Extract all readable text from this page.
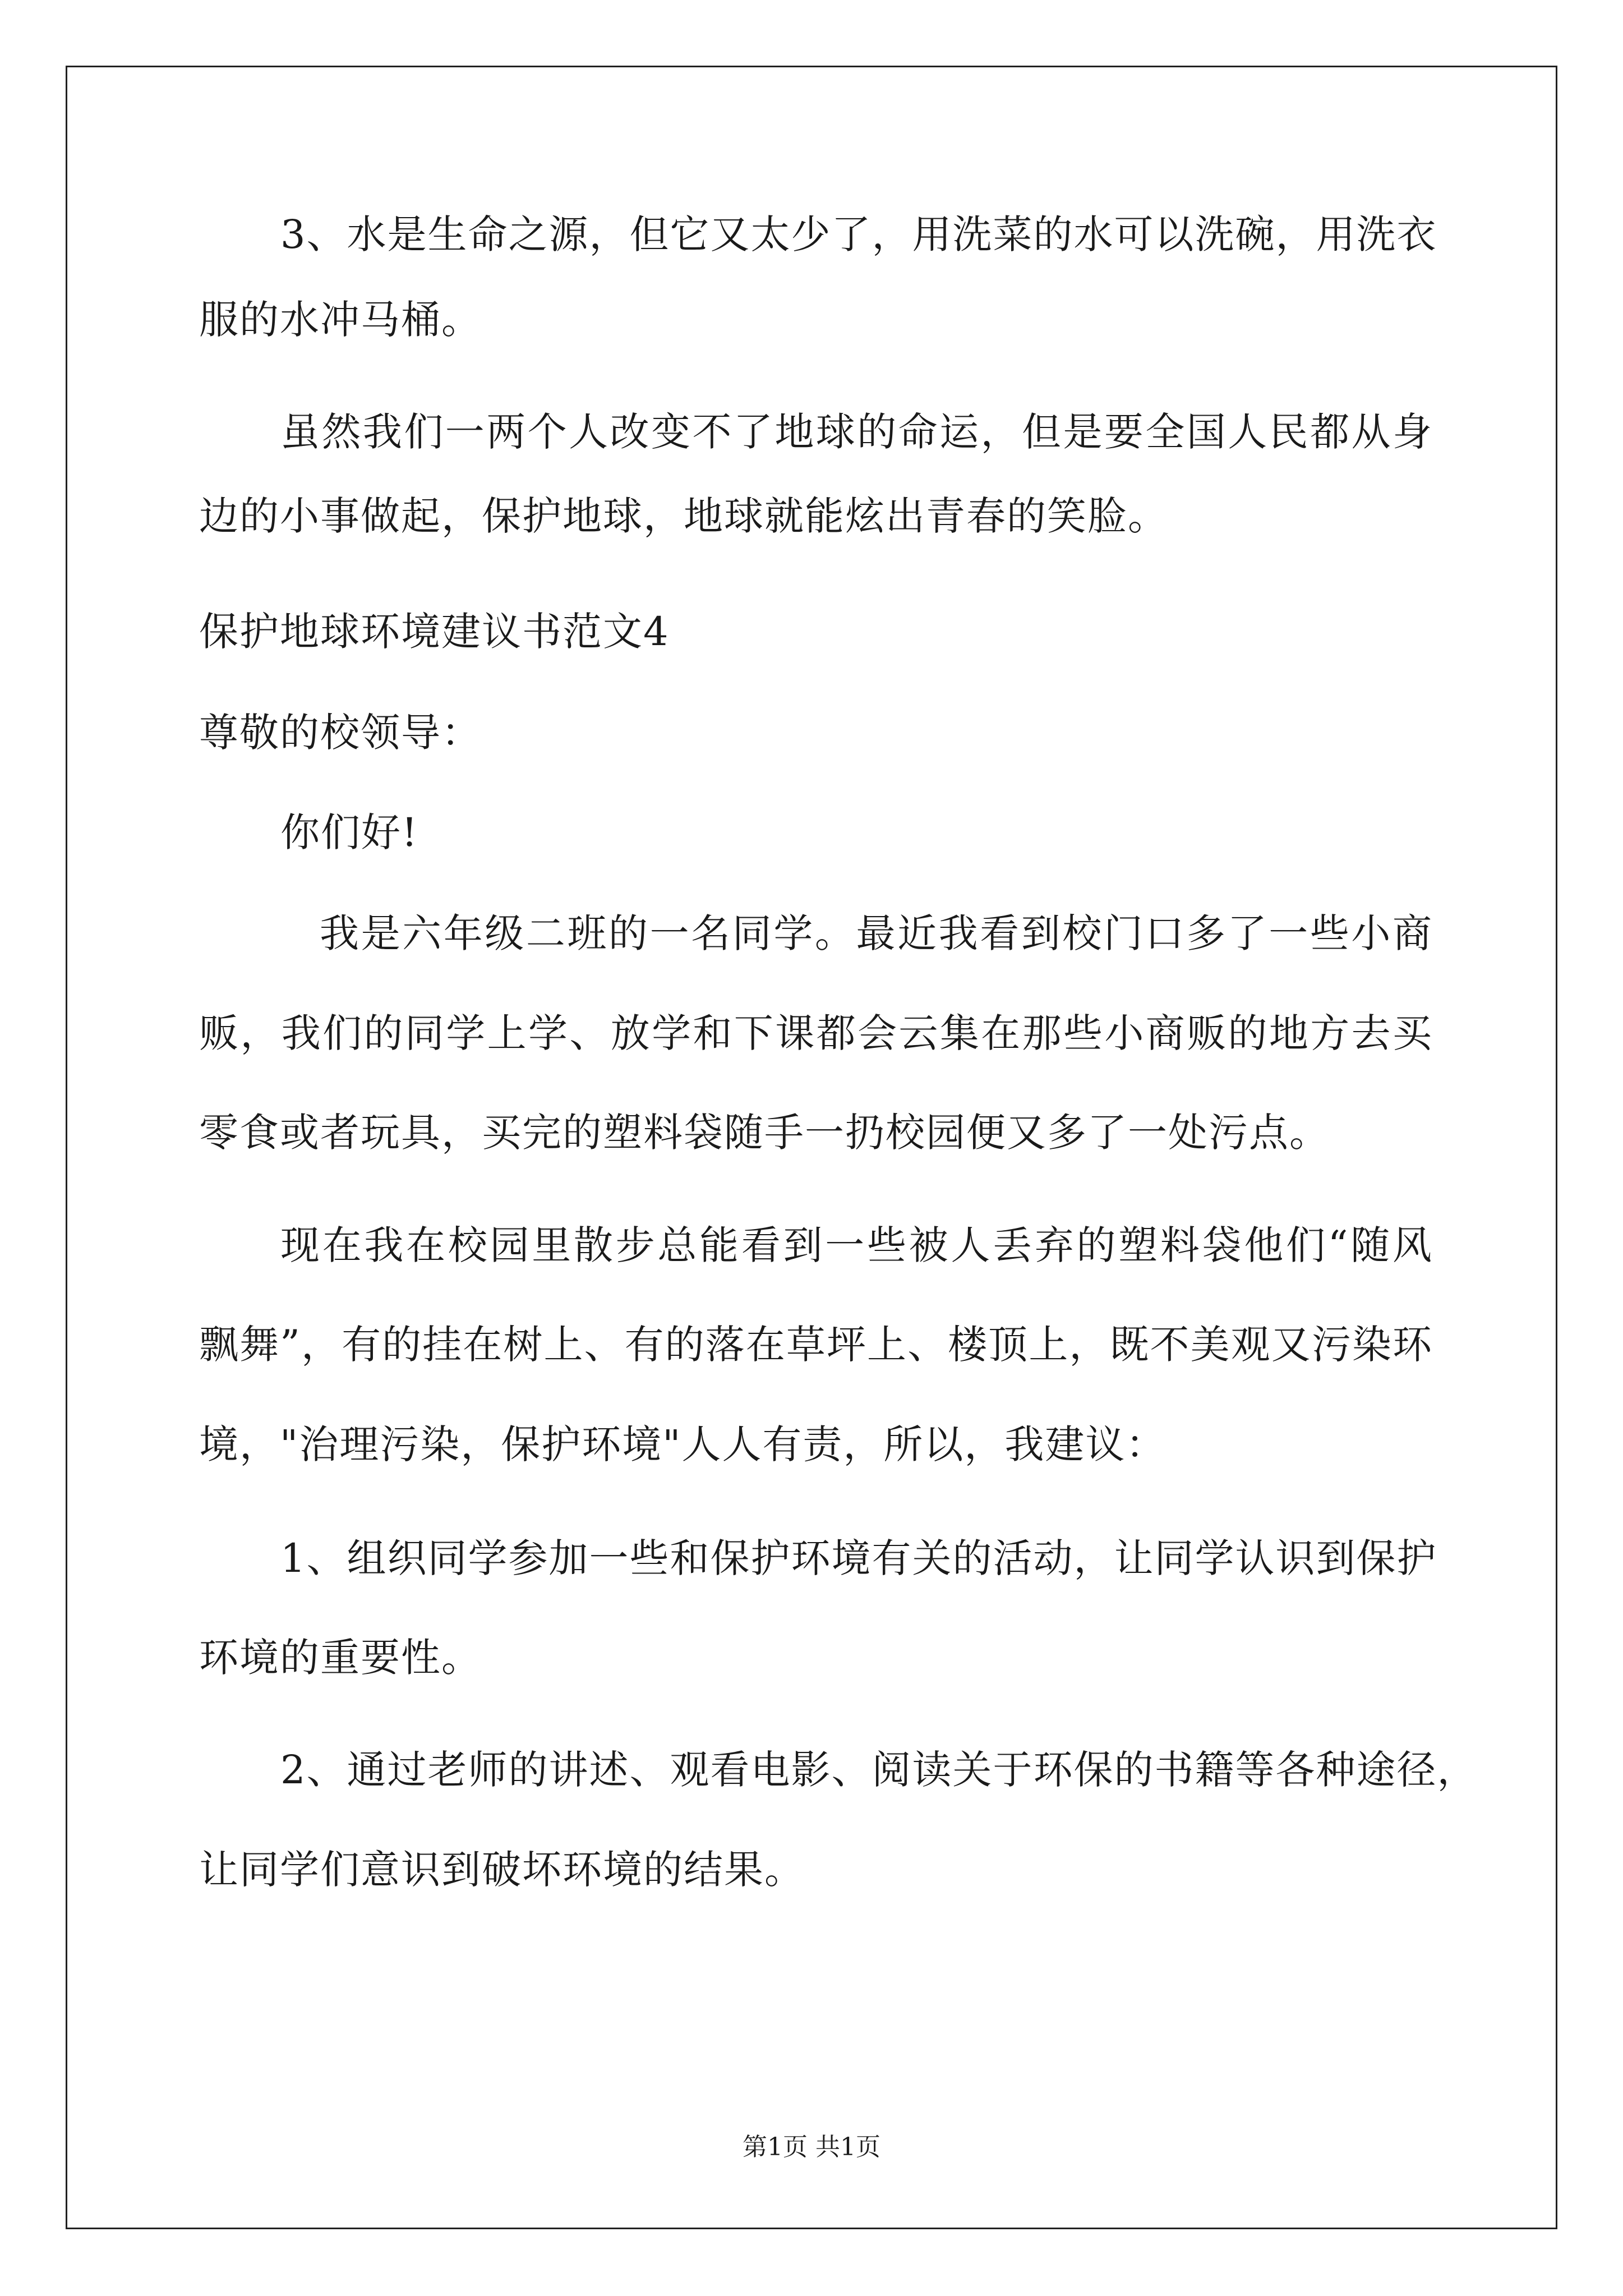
3、水是生命之源，但它又太少了，用洗菜的水可以洗碗，用洗衣
服的水冲马桶。
虽然我们一两个人改变不了地球的命运，但是要全国人民都从身
边的小事做起，保护地球，地球就能炫出青春的笑脸。
保护地球环境建议书范文4
尊敬的校领导：
你们好!
我是六年级二班的一名同学。最近我看到校门口多了一些小商
贩，我们的同学上学、放学和下课都会云集在那些小商贩的地方去买
零食或者玩具，买完的塑料袋随手一扔校园便又多了一处污点。
现在我在校园里散步总能看到一些被人丢弃的塑料袋他们“随风
飘舞”，有的挂在树上、有的落在草坪上、楼顶上，既不美观又污染环
境，"治理污染，保护环境"人人有责，所以，我建议：
1、组织同学参加一些和保护环境有关的活动，让同学认识到保护
环境的重要性。
2、通过老师的讲述、观看电影、阅读关于环保的书籍等各种途径，
让同学们意识到破坏环境的结果。
第1页 共1页
